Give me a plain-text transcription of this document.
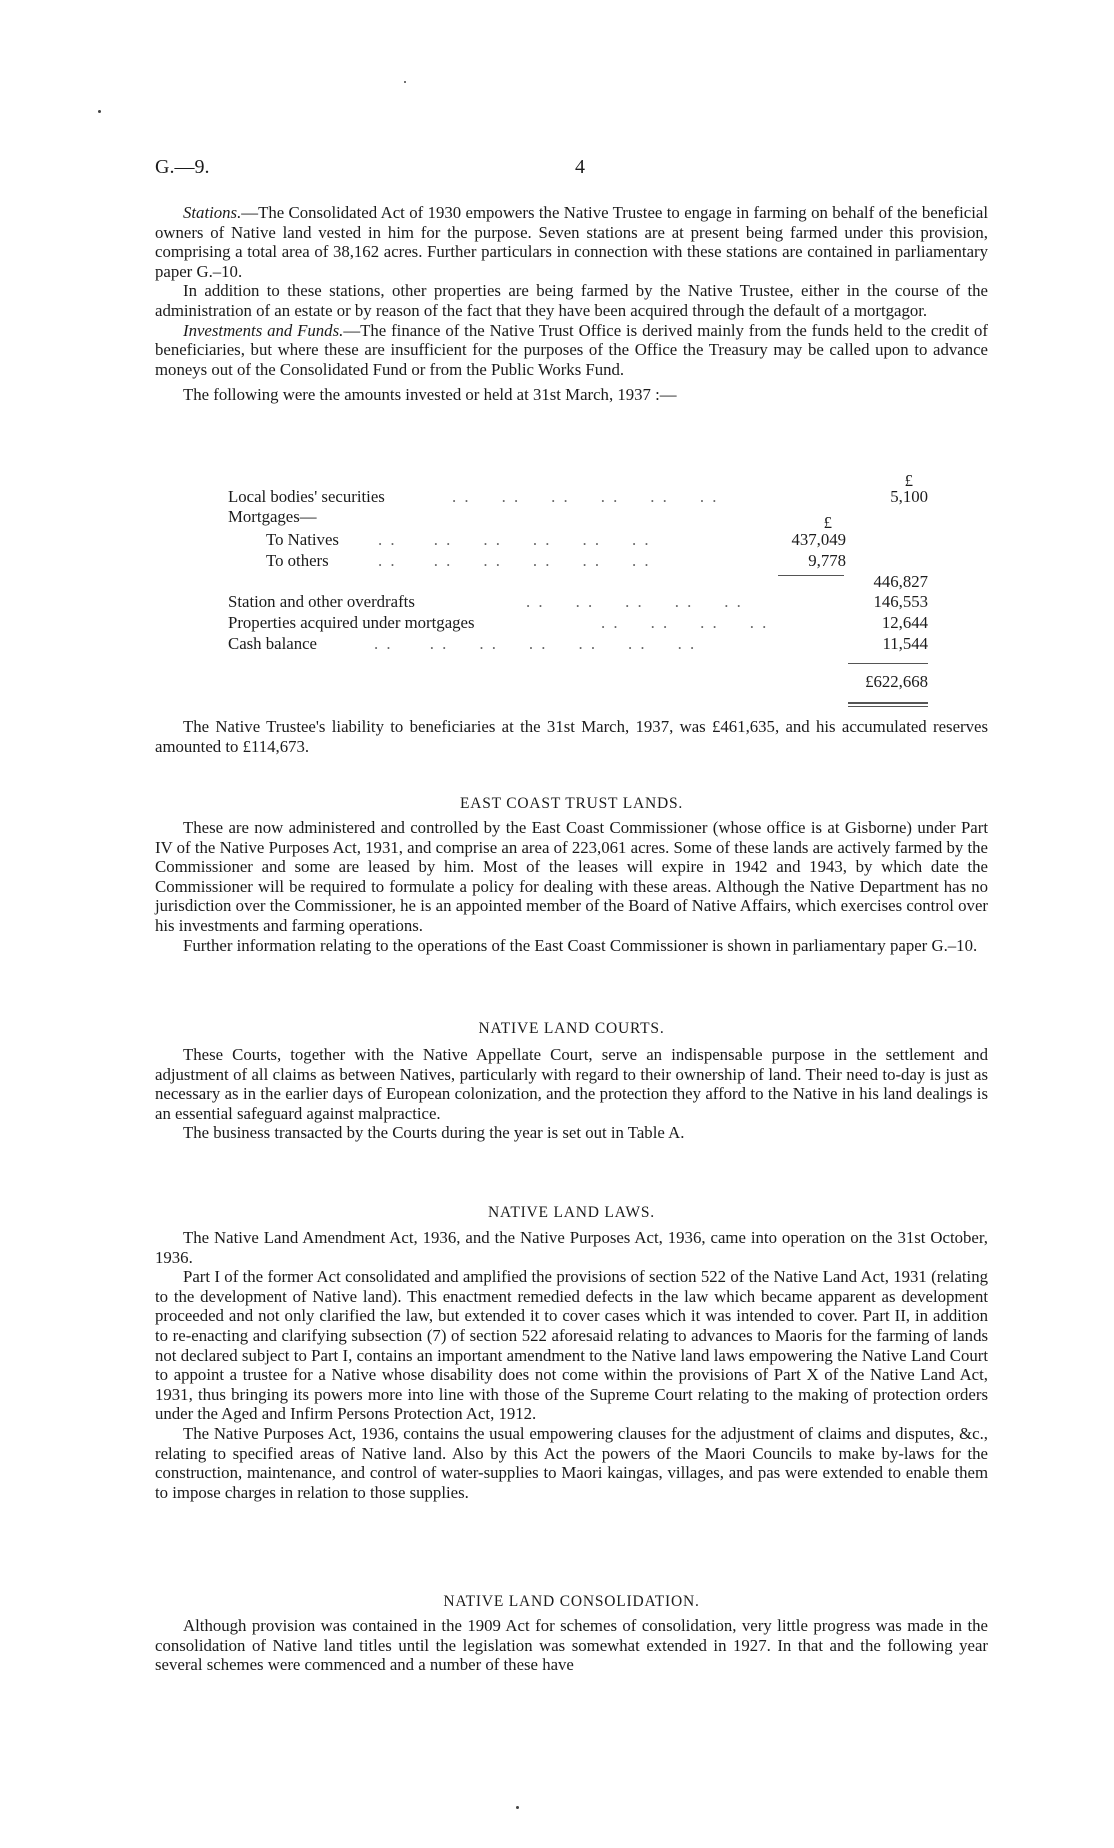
G.—9.	4

Stations.—The Consolidated Act of 1930 empowers the Native Trustee to engage in farming on behalf of the beneficial owners of Native land vested in him for the purpose. Seven stations are at present being farmed under this provision, comprising a total area of 38,162 acres. Further particulars in connection with these stations are contained in parliamentary paper G.–10.

In addition to these stations, other properties are being farmed by the Native Trustee, either in the course of the administration of an estate or by reason of the fact that they have been acquired through the default of a mortgagor.

Investments and Funds.—The finance of the Native Trust Office is derived mainly from the funds held to the credit of beneficiaries, but where these are insufficient for the purposes of the Office the Treasury may be called upon to advance moneys out of the Consolidated Fund or from the Public Works Fund.

The following were the amounts invested or held at 31st March, 1937 :—

£
Local bodies' securities	. .     . .     . .     . .     . .     . .	5,100
Mortgages—	£
To Natives . .      . .     . .     . .     . .     . .	437,049
To others	. .      . .     . .     . .     . .     . .	9,778
446,827
Station and other overdrafts	. .     . .     . .     . .     . .	146,553
Properties acquired under mortgages	. .     . .     . .     . .	12,644
Cash balance	. .      . .     . .     . .     . .     . .     . .	11,544
£622,668

The Native Trustee's liability to beneficiaries at the 31st March, 1937, was £461,635, and his accumulated reserves amounted to £114,673.

EAST COAST TRUST LANDS.

These are now administered and controlled by the East Coast Commissioner (whose office is at Gisborne) under Part IV of the Native Purposes Act, 1931, and comprise an area of 223,061 acres. Some of these lands are actively farmed by the Commissioner and some are leased by him. Most of the leases will expire in 1942 and 1943, by which date the Commissioner will be required to formulate a policy for dealing with these areas. Although the Native Department has no jurisdiction over the Commissioner, he is an appointed member of the Board of Native Affairs, which exercises control over his investments and farming operations.

Further information relating to the operations of the East Coast Commissioner is shown in parliamentary paper G.–10.

NATIVE LAND COURTS.

These Courts, together with the Native Appellate Court, serve an indispensable purpose in the settlement and adjustment of all claims as between Natives, particularly with regard to their ownership of land. Their need to-day is just as necessary as in the earlier days of European colonization, and the protection they afford to the Native in his land dealings is an essential safeguard against malpractice.

The business transacted by the Courts during the year is set out in Table A.

NATIVE LAND LAWS.

The Native Land Amendment Act, 1936, and the Native Purposes Act, 1936, came into operation on the 31st October, 1936.

Part I of the former Act consolidated and amplified the provisions of section 522 of the Native Land Act, 1931 (relating to the development of Native land). This enactment remedied defects in the law which became apparent as development proceeded and not only clarified the law, but extended it to cover cases which it was intended to cover. Part II, in addition to re-enacting and clarifying subsection (7) of section 522 aforesaid relating to advances to Maoris for the farming of lands not declared subject to Part I, contains an important amendment to the Native land laws empowering the Native Land Court to appoint a trustee for a Native whose disability does not come within the provisions of Part X of the Native Land Act, 1931, thus bringing its powers more into line with those of the Supreme Court relating to the making of protection orders under the Aged and Infirm Persons Protection Act, 1912.

The Native Purposes Act, 1936, contains the usual empowering clauses for the adjustment of claims and disputes, &c., relating to specified areas of Native land. Also by this Act the powers of the Maori Councils to make by-laws for the construction, maintenance, and control of water-supplies to Maori kaingas, villages, and pas were extended to enable them to impose charges in relation to those supplies.

NATIVE LAND CONSOLIDATION.

Although provision was contained in the 1909 Act for schemes of consolidation, very little progress was made in the consolidation of Native land titles until the legislation was somewhat extended in 1927. In that and the following year several schemes were commenced and a number of these have
